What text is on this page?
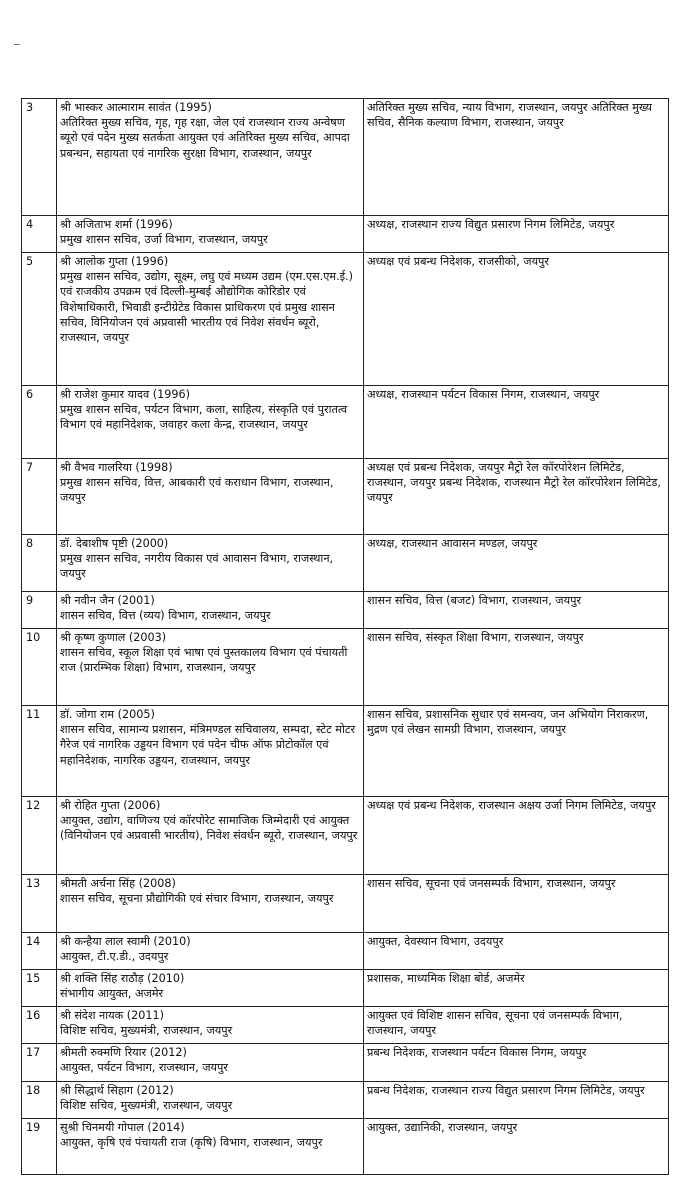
3	श्री भास्कर आत्माराम सावंत (1995)
अतिरिक्त मुख्य सचिव, गृह, गृह रक्षा, जेल एवं राजस्थान राज्य अन्वेषण ब्यूरो एवं पदेन मुख्य सतर्कता आयुक्त एवं अतिरिक्त मुख्य सचिव, आपदा प्रबन्धन, सहायता एवं नागरिक सुरक्षा विभाग, राजस्थान, जयपुर	अतिरिक्त मुख्य सचिव, न्याय विभाग, राजस्थान, जयपुर अतिरिक्त मुख्य सचिव, सैनिक कल्याण विभाग, राजस्थान, जयपुर
4	श्री अजिताभ शर्मा (1996)
प्रमुख शासन सचिव, उर्जा विभाग, राजस्थान, जयपुर	अध्यक्ष, राजस्थान राज्य विद्युत प्रसारण निगम लिमिटेड, जयपुर
5	श्री आलोक गुप्ता (1996)
प्रमुख शासन सचिव, उद्योग, सूक्ष्म, लघु एवं मध्यम उद्यम (एम.एस.एम.ई.) एवं राजकीय उपक्रम एवं दिल्ली-मुम्बई औद्योगिक कोरिडोर एवं विशेषाधिकारी, भिवाडी इन्टीग्रेटेड विकास प्राधिकरण एवं प्रमुख शासन सचिव, विनियोजन एवं अप्रवासी भारतीय एवं निवेश संवर्धन ब्यूरो, राजस्थान, जयपुर	अध्यक्ष एवं प्रबन्ध निदेशक, राजसीको, जयपुर
6	श्री राजेश कुमार यादव (1996)
प्रमुख शासन सचिव, पर्यटन विभाग, कला, साहित्य, संस्कृति एवं पुरातत्व विभाग एवं महानिदेशक, जवाहर कला केन्द्र, राजस्थान, जयपुर	अध्यक्ष, राजस्थान पर्यटन विकास निगम, राजस्थान, जयपुर
7	श्री वैभव गालरिया (1998)
प्रमुख शासन सचिव, वित्त, आबकारी एवं कराधान विभाग, राजस्थान, जयपुर	अध्यक्ष एवं प्रबन्ध निदेशक, जयपुर मैट्रो रेल कॉरपोरेशन लिमिटेड, राजस्थान, जयपुर प्रबन्ध निदेशक, राजस्थान मैट्रो रेल कॉरपोरेशन लिमिटेड, जयपुर
8	डॉ. देबाशीष पृष्टी (2000)
प्रमुख शासन सचिव, नगरीय विकास एवं आवासन विभाग, राजस्थान, जयपुर	अध्यक्ष, राजस्थान आवासन मण्डल, जयपुर
9	श्री नवीन जैन (2001)
शासन सचिव, वित्त (व्यय) विभाग, राजस्थान, जयपुर	शासन सचिव, वित्त (बजट) विभाग, राजस्थान, जयपुर
10	श्री कृष्ण कुणाल (2003)
शासन सचिव, स्कूल शिक्षा एवं भाषा एवं पुस्तकालय विभाग एवं पंचायती राज (प्रारम्भिक शिक्षा) विभाग, राजस्थान, जयपुर	शासन सचिव, संस्कृत शिक्षा विभाग, राजस्थान, जयपुर
11	डॉ. जोगा राम (2005)
शासन सचिव, सामान्य प्रशासन, मंत्रिमण्डल सचिवालय, सम्पदा, स्टेट मोटर गैरेज एवं नागरिक उड्डयन विभाग एवं पदेन चीफ ऑफ प्रोटोकॉल एवं महानिदेशक, नागरिक उड्डयन, राजस्थान, जयपुर	शासन सचिव, प्रशासनिक सुधार एवं समन्वय, जन अभियोग निराकरण, मुद्रण एवं लेखन सामग्री विभाग, राजस्थान, जयपुर
12	श्री रोहित गुप्ता (2006)
आयुक्त, उद्योग, वाणिज्य एवं कॉरपोरेट सामाजिक जिम्मेदारी एवं आयुक्त (विनियोजन एवं अप्रवासी भारतीय), निवेश संवर्धन ब्यूरो, राजस्थान, जयपुर	अध्यक्ष एवं प्रबन्ध निदेशक, राजस्थान अक्षय उर्जा निगम लिमिटेड, जयपुर
13	श्रीमती अर्चना सिंह (2008)
शासन सचिव, सूचना प्रौद्योगिकी एवं संचार विभाग, राजस्थान, जयपुर	शासन सचिव, सूचना एवं जनसम्पर्क विभाग, राजस्थान, जयपुर
14	श्री कन्हैया लाल स्वामी (2010)
आयुक्त, टी.ए.डी., उदयपुर	आयुक्त, देवस्थान विभाग, उदयपुर
15	श्री शक्ति सिंह राठौड़ (2010)
संभागीय आयुक्त, अजमेर	प्रशासक, माध्यमिक शिक्षा बोर्ड, अजमेर
16	श्री संदेश नायक (2011)
विशिष्ट सचिव, मुख्यमंत्री, राजस्थान, जयपुर	आयुक्त एवं विशिष्ट शासन सचिव, सूचना एवं जनसम्पर्क विभाग, राजस्थान, जयपुर
17	श्रीमती रुक्मणि रियार (2012)
आयुक्त, पर्यटन विभाग, राजस्थान, जयपुर	प्रबन्ध निदेशक, राजस्थान पर्यटन विकास निगम, जयपुर
18	श्री सिद्धार्थ सिहाग (2012)
विशिष्ट सचिव, मुख्यमंत्री, राजस्थान, जयपुर	प्रबन्ध निदेशक, राजस्थान राज्य विद्युत प्रसारण निगम लिमिटेड, जयपुर
19	सुश्री चिनमयी गोपाल (2014)
आयुक्त, कृषि एवं पंचायती राज (कृषि) विभाग, राजस्थान, जयपुर	आयुक्त, उद्यानिकी, राजस्थान, जयपुर
